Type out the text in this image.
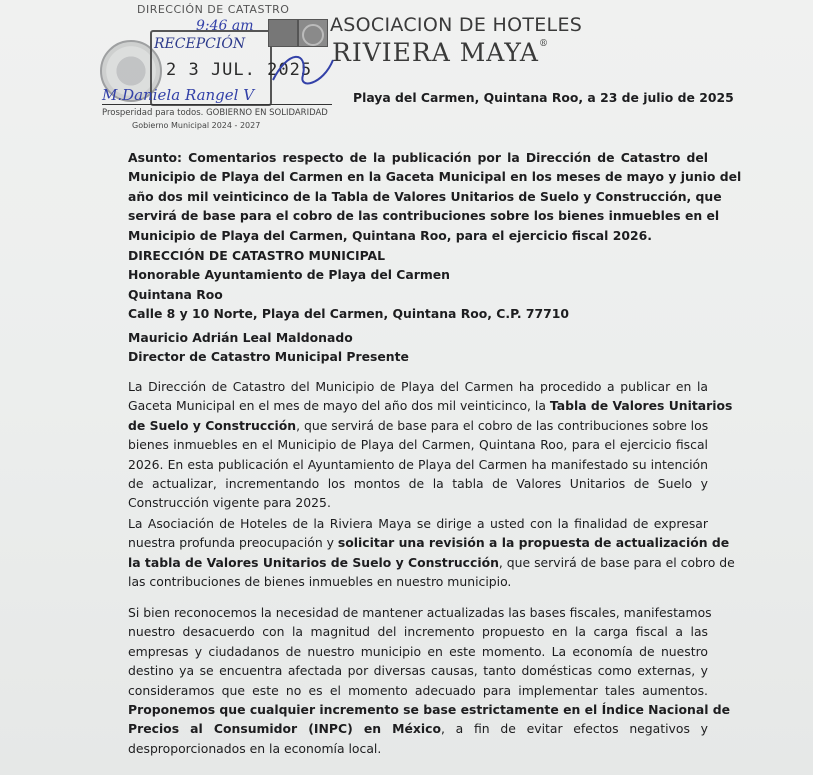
DIRECCIÓN DE CATASTRO
9:46 am
RECEPCIÓN
2 3 JUL. 2025
M.Daniela Rangel V
Prosperidad para todos. GOBIERNO EN SOLIDARIDAD
Gobierno Municipal 2024 - 2027
ASOCIACION DE HOTELES
RIVIERA MAYA®
Playa del Carmen, Quintana Roo, a 23 de julio de 2025
Asunto: Comentarios respecto de la publicación por la Dirección de Catastro del
Municipio de Playa del Carmen en la Gaceta Municipal en los meses de mayo y junio del
año dos mil veinticinco de la Tabla de Valores Unitarios de Suelo y Construcción, que
servirá de base para el cobro de las contribuciones sobre los bienes inmuebles en el
Municipio de Playa del Carmen, Quintana Roo, para el ejercicio fiscal 2026.
DIRECCIÓN DE CATASTRO MUNICIPAL
Honorable Ayuntamiento de Playa del Carmen
Quintana Roo
Calle 8 y 10 Norte, Playa del Carmen, Quintana Roo, C.P. 77710
Mauricio Adrián Leal Maldonado
Director de Catastro Municipal Presente
La Dirección de Catastro del Municipio de Playa del Carmen ha procedido a publicar en la
Gaceta Municipal en el mes de mayo del año dos mil veinticinco, la Tabla de Valores Unitarios
de Suelo y Construcción, que servirá de base para el cobro de las contribuciones sobre los
bienes inmuebles en el Municipio de Playa del Carmen, Quintana Roo, para el ejercicio fiscal
2026. En esta publicación el Ayuntamiento de Playa del Carmen ha manifestado su intención
de actualizar, incrementando los montos de la tabla de Valores Unitarios de Suelo y
Construcción vigente para 2025.
La Asociación de Hoteles de la Riviera Maya se dirige a usted con la finalidad de expresar
nuestra profunda preocupación y solicitar una revisión a la propuesta de actualización de
la tabla de Valores Unitarios de Suelo y Construcción, que servirá de base para el cobro de
las contribuciones de bienes inmuebles en nuestro municipio.
Si bien reconocemos la necesidad de mantener actualizadas las bases fiscales, manifestamos
nuestro desacuerdo con la magnitud del incremento propuesto en la carga fiscal a las
empresas y ciudadanos de nuestro municipio en este momento. La economía de nuestro
destino ya se encuentra afectada por diversas causas, tanto domésticas como externas, y
consideramos que este no es el momento adecuado para implementar tales aumentos.
Proponemos que cualquier incremento se base estrictamente en el Índice Nacional de
Precios al Consumidor (INPC) en México, a fin de evitar efectos negativos y
desproporcionados en la economía local.
